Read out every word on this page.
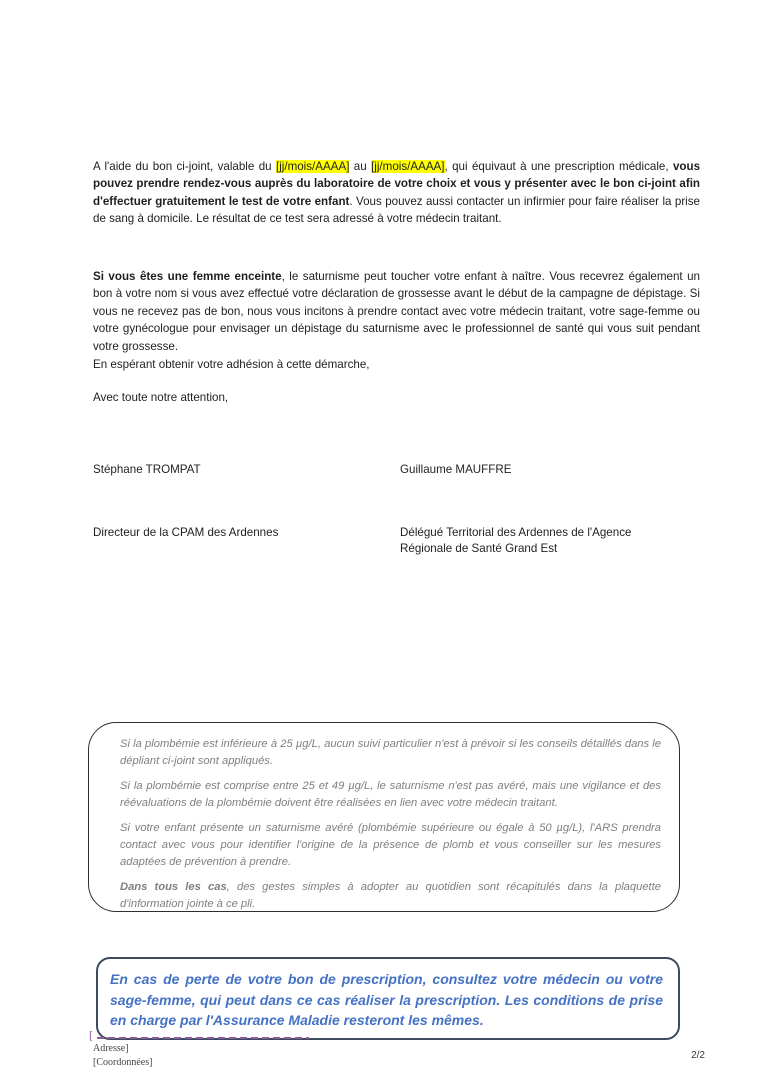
A l'aide du bon ci-joint, valable du [jj/mois/AAAA] au [jj/mois/AAAA], qui équivaut à une prescription médicale, vous pouvez prendre rendez-vous auprès du laboratoire de votre choix et vous y présenter avec le bon ci-joint afin d'effectuer gratuitement le test de votre enfant. Vous pouvez aussi contacter un infirmier pour faire réaliser la prise de sang à domicile. Le résultat de ce test sera adressé à votre médecin traitant.

Si vous êtes une femme enceinte, le saturnisme peut toucher votre enfant à naître. Vous recevrez également un bon à votre nom si vous avez effectué votre déclaration de grossesse avant le début de la campagne de dépistage. Si vous ne recevez pas de bon, nous vous incitons à prendre contact avec votre médecin traitant, votre sage-femme ou votre gynécologue pour envisager un dépistage du saturnisme avec le professionnel de santé qui vous suit pendant votre grossesse.

En espérant obtenir votre adhésion à cette démarche,

Avec toute notre attention,

Stéphane TROMPAT	Guillaume MAUFFRE
Directeur de la CPAM des Ardennes	Délégué Territorial des Ardennes de l'Agence Régionale de Santé Grand Est

Si la plombémie est inférieure à 25 µg/L, aucun suivi particulier n'est à prévoir si les conseils détaillés dans le dépliant ci-joint sont appliqués.

Si la plombémie est comprise entre 25 et 49 µg/L, le saturnisme n'est pas avéré, mais une vigilance et des réévaluations de la plombémie doivent être réalisées en lien avec votre médecin traitant.

Si votre enfant présente un saturnisme avéré (plombémie supérieure ou égale à 50 µg/L), l'ARS prendra contact avec vous pour identifier l'origine de la présence de plomb et vous conseiller sur les mesures adaptées de prévention à prendre.

Dans tous les cas, des gestes simples à adopter au quotidien sont récapitulés dans la plaquette d'information jointe à ce pli.

En cas de perte de votre bon de prescription, consultez votre médecin ou votre sage-femme, qui peut dans ce cas réaliser la prescription. Les conditions de prise en charge par l'Assurance Maladie resteront les mêmes.

[
Adresse]
[Coordonnées]
2/2
